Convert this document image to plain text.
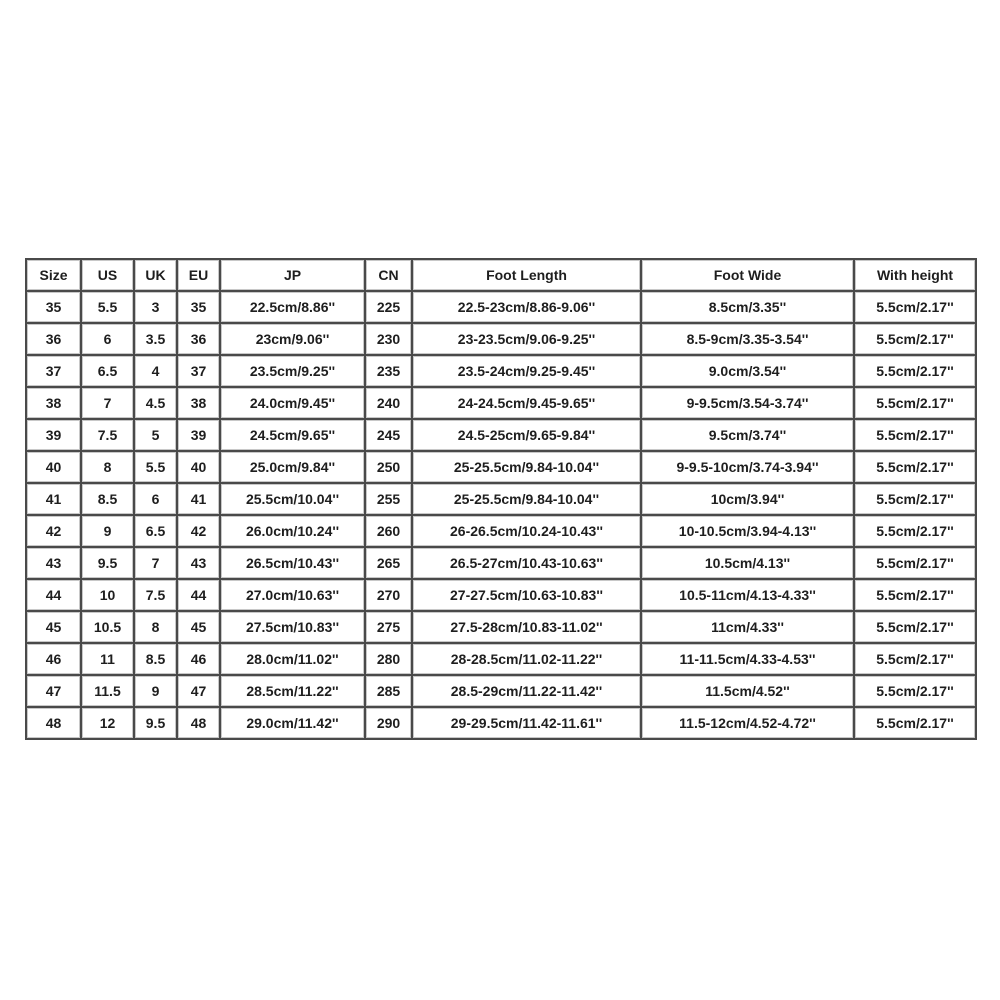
Size	US	UK	EU	JP	CN	Foot Length	Foot Wide	With height
35	5.5	3	35	22.5cm/8.86''	225	22.5-23cm/8.86-9.06''	8.5cm/3.35''	5.5cm/2.17''
36	6	3.5	36	23cm/9.06''	230	23-23.5cm/9.06-9.25''	8.5-9cm/3.35-3.54''	5.5cm/2.17''
37	6.5	4	37	23.5cm/9.25''	235	23.5-24cm/9.25-9.45''	9.0cm/3.54''	5.5cm/2.17''
38	7	4.5	38	24.0cm/9.45''	240	24-24.5cm/9.45-9.65''	9-9.5cm/3.54-3.74''	5.5cm/2.17''
39	7.5	5	39	24.5cm/9.65''	245	24.5-25cm/9.65-9.84''	9.5cm/3.74''	5.5cm/2.17''
40	8	5.5	40	25.0cm/9.84''	250	25-25.5cm/9.84-10.04''	9-9.5-10cm/3.74-3.94''	5.5cm/2.17''
41	8.5	6	41	25.5cm/10.04''	255	25-25.5cm/9.84-10.04''	10cm/3.94''	5.5cm/2.17''
42	9	6.5	42	26.0cm/10.24''	260	26-26.5cm/10.24-10.43''	10-10.5cm/3.94-4.13''	5.5cm/2.17''
43	9.5	7	43	26.5cm/10.43''	265	26.5-27cm/10.43-10.63''	10.5cm/4.13''	5.5cm/2.17''
44	10	7.5	44	27.0cm/10.63''	270	27-27.5cm/10.63-10.83''	10.5-11cm/4.13-4.33''	5.5cm/2.17''
45	10.5	8	45	27.5cm/10.83''	275	27.5-28cm/10.83-11.02''	11cm/4.33''	5.5cm/2.17''
46	11	8.5	46	28.0cm/11.02''	280	28-28.5cm/11.02-11.22''	11-11.5cm/4.33-4.53''	5.5cm/2.17''
47	11.5	9	47	28.5cm/11.22''	285	28.5-29cm/11.22-11.42''	11.5cm/4.52''	5.5cm/2.17''
48	12	9.5	48	29.0cm/11.42''	290	29-29.5cm/11.42-11.61''	11.5-12cm/4.52-4.72''	5.5cm/2.17''
